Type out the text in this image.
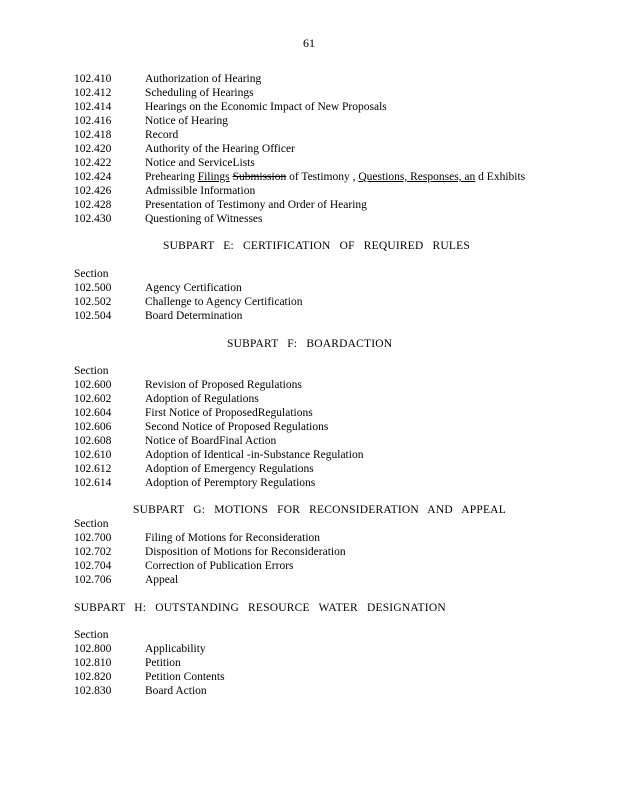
61
102.410	Authorization of Hearing
102.412	Scheduling of Hearings
102.414	Hearings on the Economic Impact of New Proposals
102.416	Notice of Hearing
102.418	Record
102.420	Authority of the Hearing Officer
102.422	Notice and ServiceLists
102.424	Prehearing Filings Submission of Testimony , Questions, Responses, an d Exhibits
102.426	Admissible Information
102.428	Presentation of Testimony and Order of Hearing
102.430	Questioning of Witnesses
SUBPART E: CERTIFICATION OF REQUIRED RULES
Section
102.500	Agency Certification
102.502	Challenge to Agency Certification
102.504	Board Determination
SUBPART F: BOARDACTION
Section
102.600	Revision of Proposed Regulations
102.602	Adoption of Regulations
102.604	First Notice of ProposedRegulations
102.606	Second Notice of Proposed Regulations
102.608	Notice of BoardFinal Action
102.610	Adoption of Identical -in-Substance Regulation
102.612	Adoption of Emergency Regulations
102.614	Adoption of Peremptory Regulations
SUBPART G: MOTIONS FOR RECONSIDERATION AND APPEAL
Section
102.700	Filing of Motions for Reconsideration
102.702	Disposition of Motions for Reconsideration
102.704	Correction of Publication Errors
102.706	Appeal
SUBPART H: OUTSTANDING RESOURCE WATER DESIGNATION
Section
102.800	Applicability
102.810	Petition
102.820	Petition Contents
102.830	Board Action
